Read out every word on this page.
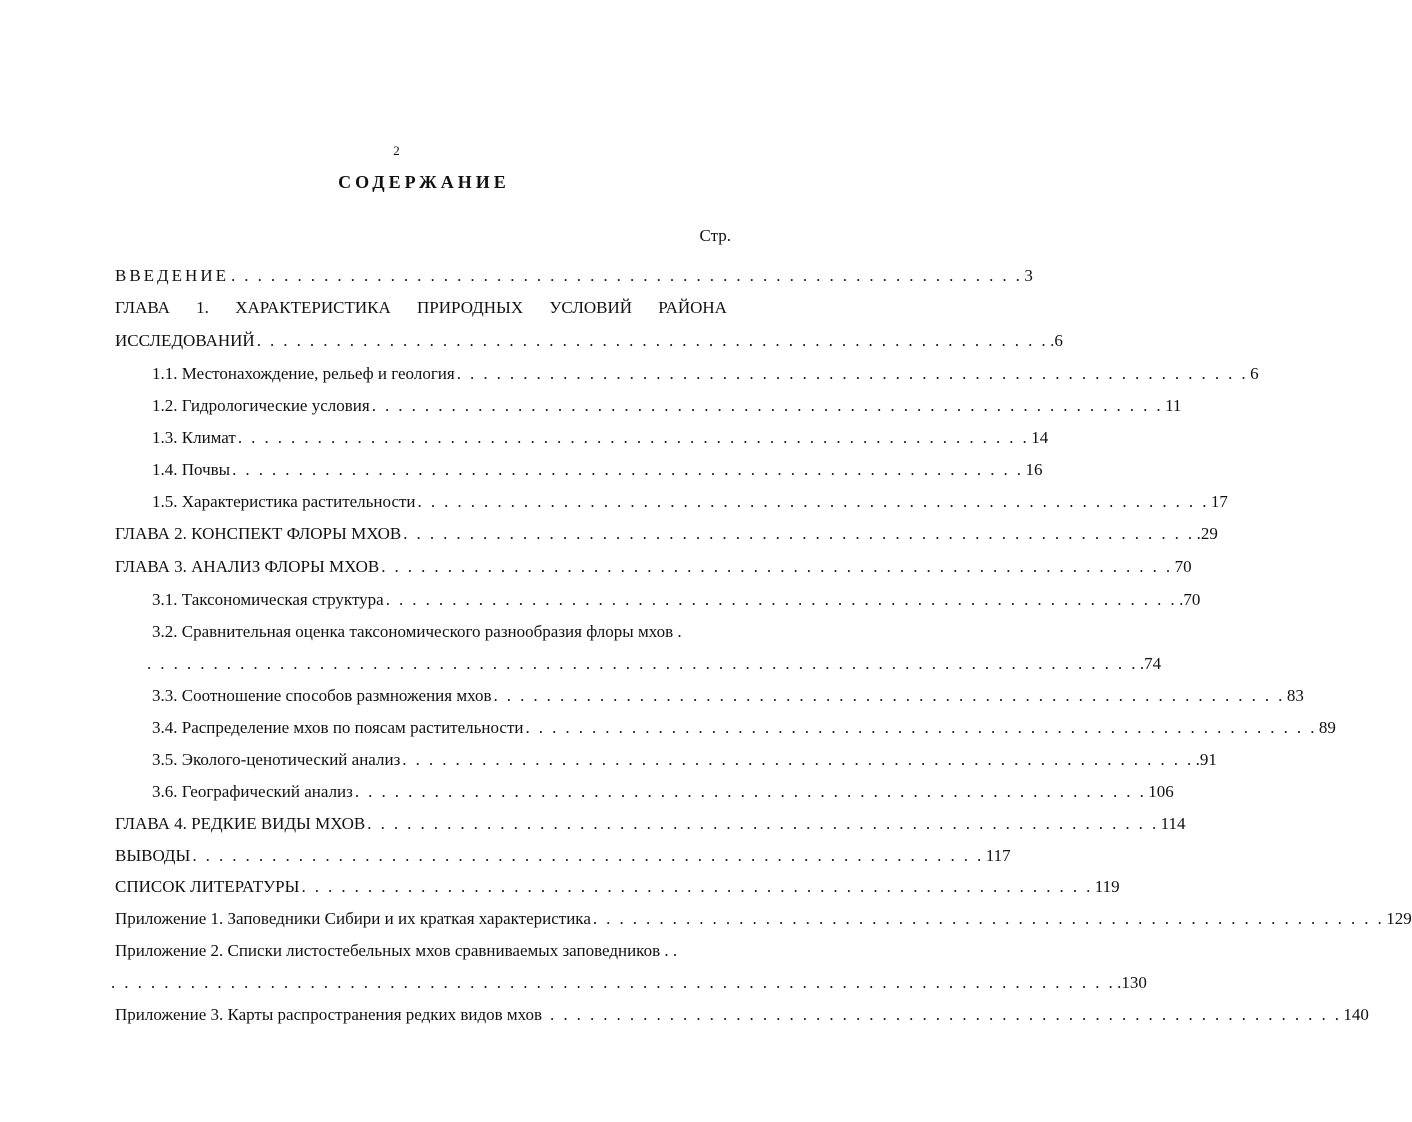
2
СОДЕРЖАНИЕ
Стр.
ВВЕДЕНИЕ . . . . . . . . . . . . . . . . . . . . . . . . . . . . . . . . . . . . . . . . . . . . . . . . . . . . . . . . . . . . 3
ГЛАВА 1. ХАРАКТЕРИСТИКА ПРИРОДНЫХ УСЛОВИЙ РАЙОНА
ИССЛЕДОВАНИЙ . . . . . . . . . . . . . . . . . . . . . . . . . . . . . . . . . . . . . . . . . . . . . . . . . . . . . . . . . . . . .6
1.1. Местонахождение, рельеф и геология . . . . . . . . . . . . . . . . . . . . . . . . . . . . . . . . . . . . . . . . . . . . . . . . . . . . . . . . . . . . 6
1.2. Гидрологические условия . . . . . . . . . . . . . . . . . . . . . . . . . . . . . . . . . . . . . . . . . . . . . . . . . . . . . . . . . . . . 11
1.3. Климат . . . . . . . . . . . . . . . . . . . . . . . . . . . . . . . . . . . . . . . . . . . . . . . . . . . . . . . . . . . . 14
1.4. Почвы . . . . . . . . . . . . . . . . . . . . . . . . . . . . . . . . . . . . . . . . . . . . . . . . . . . . . . . . . . . . 16
1.5. Характеристика растительности . . . . . . . . . . . . . . . . . . . . . . . . . . . . . . . . . . . . . . . . . . . . . . . . . . . . . . . . . . . . 17
ГЛАВА 2. КОНСПЕКТ ФЛОРЫ МХОВ . . . . . . . . . . . . . . . . . . . . . . . . . . . . . . . . . . . . . . . . . . . . . . . . . . . . . . . . . . . . .29
ГЛАВА 3. АНАЛИЗ ФЛОРЫ МХОВ . . . . . . . . . . . . . . . . . . . . . . . . . . . . . . . . . . . . . . . . . . . . . . . . . . . . . . . . . . . . 70
3.1. Таксономическая структура . . . . . . . . . . . . . . . . . . . . . . . . . . . . . . . . . . . . . . . . . . . . . . . . . . . . . . . . . . . . .70
3.2. Сравнительная оценка таксономического разнообразия флоры мхов .
. . . . . . . . . . . . . . . . . . . . . . . . . . . . . . . . . . . . . . . . . . . . . . . . . . . . . . . . . . . . . . . . . . . . . . . . . . . .74
3.3. Соотношение способов размножения мхов . . . . . . . . . . . . . . . . . . . . . . . . . . . . . . . . . . . . . . . . . . . . . . . . . . . . . . . . . . . . 83
3.4. Распределение мхов по поясам растительности . . . . . . . . . . . . . . . . . . . . . . . . . . . . . . . . . . . . . . . . . . . . . . . . . . . . . . . . . . . . 89
3.5. Эколого-ценотический анализ . . . . . . . . . . . . . . . . . . . . . . . . . . . . . . . . . . . . . . . . . . . . . . . . . . . . . . . . . . . . .91
3.6. Географический анализ . . . . . . . . . . . . . . . . . . . . . . . . . . . . . . . . . . . . . . . . . . . . . . . . . . . . . . . . . . . . 106
ГЛАВА 4. РЕДКИЕ ВИДЫ МХОВ . . . . . . . . . . . . . . . . . . . . . . . . . . . . . . . . . . . . . . . . . . . . . . . . . . . . . . . . . . . . 114
ВЫВОДЫ . . . . . . . . . . . . . . . . . . . . . . . . . . . . . . . . . . . . . . . . . . . . . . . . . . . . . . . . . . . . 117
СПИСОК ЛИТЕРАТУРЫ . . . . . . . . . . . . . . . . . . . . . . . . . . . . . . . . . . . . . . . . . . . . . . . . . . . . . . . . . . . . 119
Приложение 1. Заповедники Сибири и их краткая характеристика . . . . . . . . . . . . . . . . . . . . . . . . . . . . . . . . . . . . . . . . . . . . . . . . . . . . . . . . . . . . 129
Приложение 2. Списки листостебельных мхов сравниваемых заповедников . .
. . . . . . . . . . . . . . . . . . . . . . . . . . . . . . . . . . . . . . . . . . . . . . . . . . . . . . . . . . . . . . . . . . . . . . . . . . . . .130
Приложение 3. Карты распространения редких видов мхов . . . . . . . . . . . . . . . . . . . . . . . . . . . . . . . . . . . . . . . . . . . . . . . . . . . . . . . . . . . . 140
